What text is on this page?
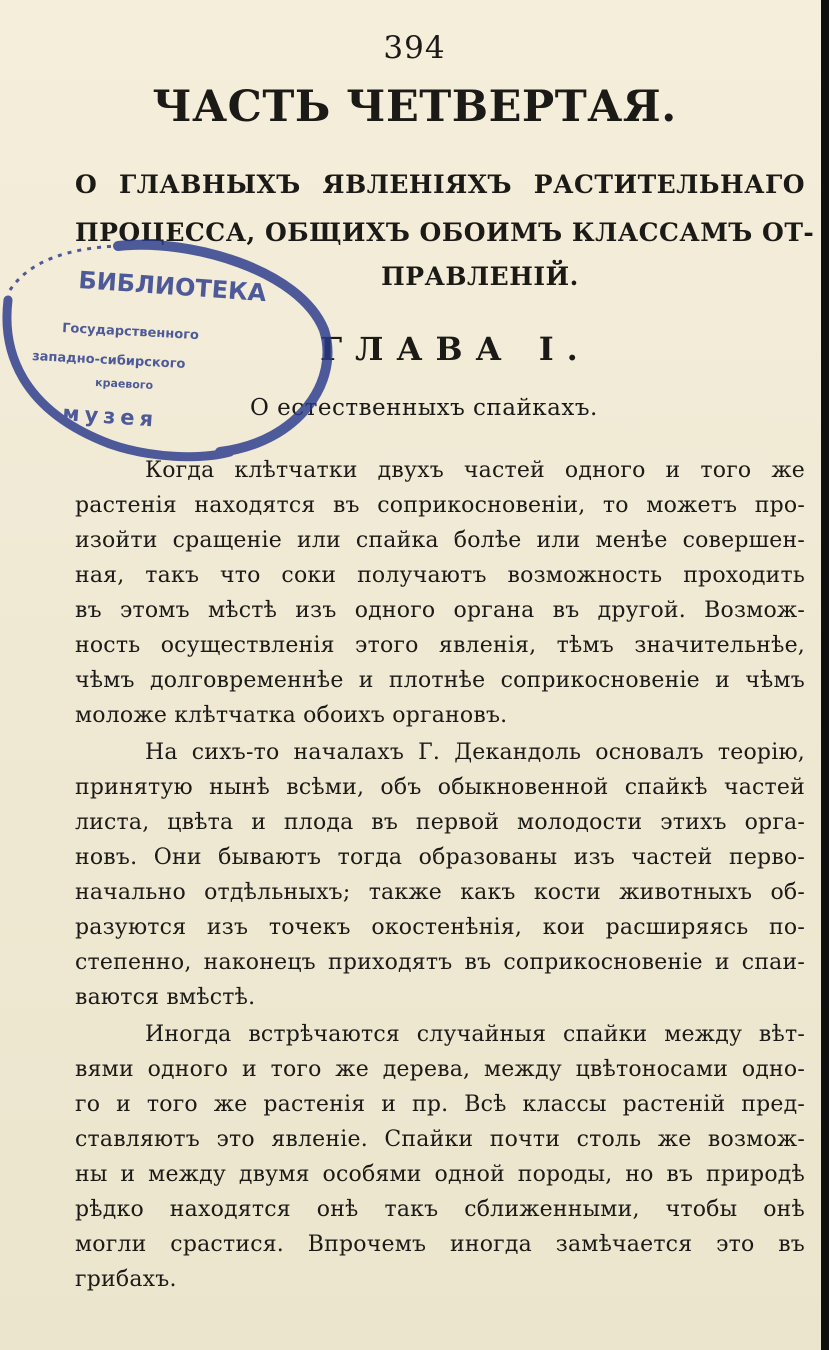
394
ЧАСТЬ ЧЕТВЕРТАЯ.
О ГЛАВНЫХЪ ЯВЛЕНІЯХЪ РАСТИТЕЛЬНАГО
ПРОЦЕССА, ОБЩИХЪ ОБОИМЪ КЛАССАМЪ ОТ-
ПРАВЛЕНІЙ.
ГЛАВА I.
О естественныхъ спайкахъ.
Когда клѣтчатки двухъ частей одного и того же
растенія находятся въ соприкосновеніи, то можетъ про-
изойти сращеніе или спайка болѣе или менѣе совершен-
ная, такъ что соки получаютъ возможность проходить
въ этомъ мѣстѣ изъ одного органа въ другой. Возмож-
ность осуществленія этого явленія, тѣмъ значительнѣе,
чѣмъ долговременнѣе и плотнѣе соприкосновеніе и чѣмъ
моложе клѣтчатка обоихъ органовъ.
На сихъ-то началахъ Г. Декандоль основалъ теорію,
принятую нынѣ всѣми, объ обыкновенной спайкѣ частей
листа, цвѣта и плода въ первой молодости этихъ орга-
новъ. Они бываютъ тогда образованы изъ частей перво-
начально отдѣльныхъ; также какъ кости животныхъ об-
разуются изъ точекъ окостенѣнія, кои расширяясь по-
степенно, наконецъ приходятъ въ соприкосновеніе и спаи-
ваются вмѣстѣ.
Иногда встрѣчаются случайныя спайки между вѣт-
вями одного и того же дерева, между цвѣтоносами одно-
го и того же растенія и пр. Всѣ классы растеній пред-
ставляютъ это явленіе. Спайки почти столь же возмож-
ны и между двумя особями одной породы, но въ природѣ
рѣдко находятся онѣ такъ сближенными, чтобы онѣ
могли срастися. Впрочемъ иногда замѣчается это въ
грибахъ.
БИБЛИОТЕКА
Государственного
западно-сибирского
краевого
музея
